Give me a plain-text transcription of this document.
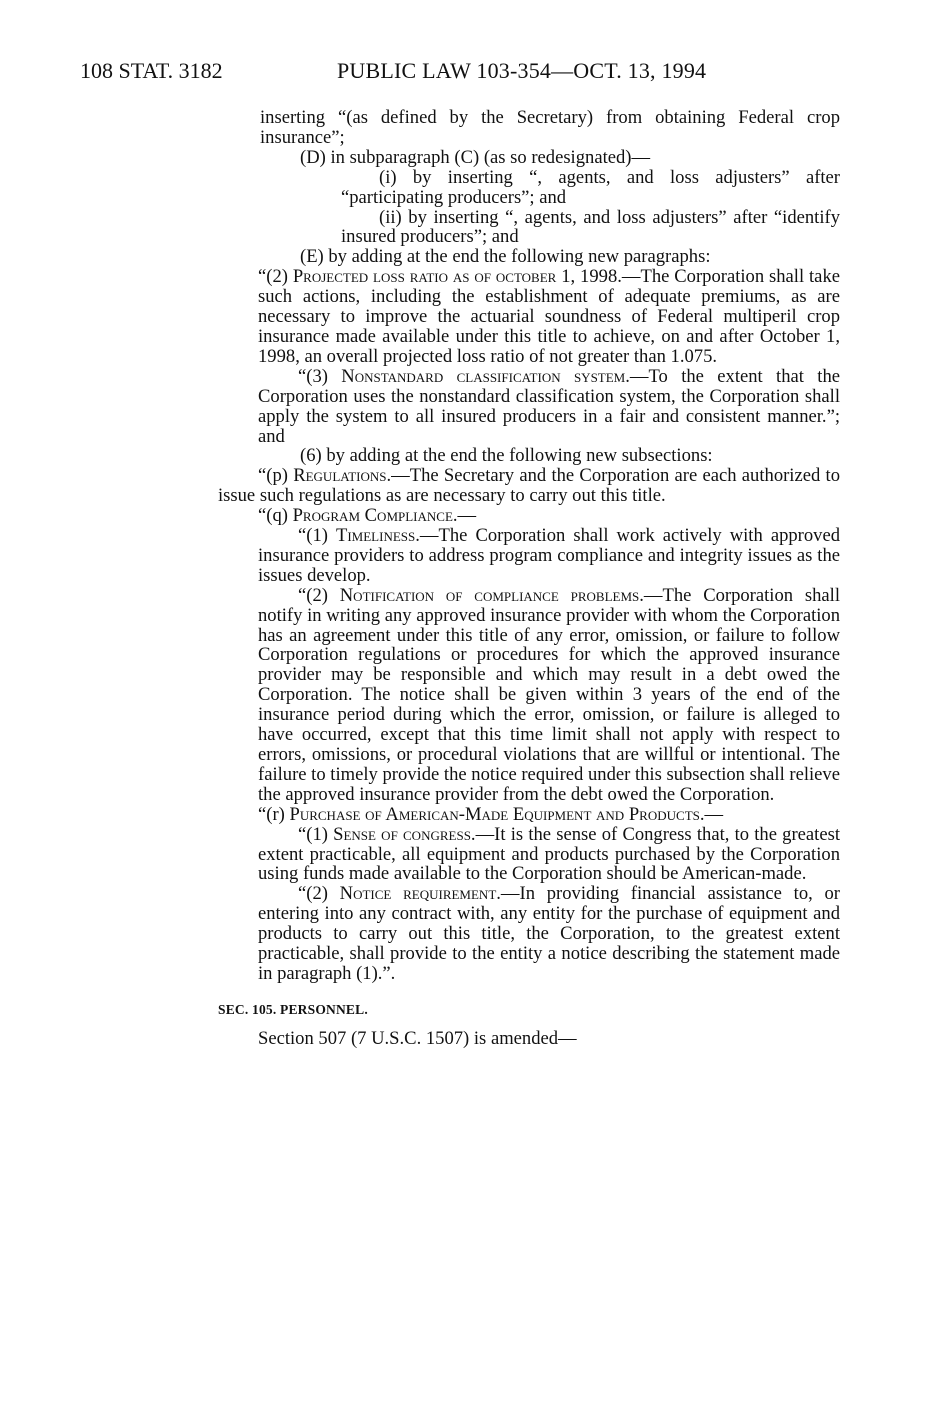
108 STAT. 3182	PUBLIC LAW 103-354—OCT. 13, 1994

inserting “(as defined by the Secretary) from obtaining Federal crop insurance”;

(D) in subparagraph (C) (as so redesignated)—

(i) by inserting “, agents, and loss adjusters” after “participating producers”; and

(ii) by inserting “, agents, and loss adjusters” after “identify insured producers”; and

(E) by adding at the end the following new paragraphs:

“(2) Projected loss ratio as of october 1, 1998.—The Corporation shall take such actions, including the establishment of adequate premiums, as are necessary to improve the actuarial soundness of Federal multiperil crop insurance made available under this title to achieve, on and after October 1, 1998, an overall projected loss ratio of not greater than 1.075.

“(3) Nonstandard classification system.—To the extent that the Corporation uses the nonstandard classification system, the Corporation shall apply the system to all insured producers in a fair and consistent manner.”; and

(6) by adding at the end the following new subsections:

“(p) Regulations.—The Secretary and the Corporation are each authorized to issue such regulations as are necessary to carry out this title.

“(q) Program Compliance.—

“(1) Timeliness.—The Corporation shall work actively with approved insurance providers to address program compliance and integrity issues as the issues develop.

“(2) Notification of compliance problems.—The Corporation shall notify in writing any approved insurance provider with whom the Corporation has an agreement under this title of any error, omission, or failure to follow Corporation regulations or procedures for which the approved insurance provider may be responsible and which may result in a debt owed the Corporation. The notice shall be given within 3 years of the end of the insurance period during which the error, omission, or failure is alleged to have occurred, except that this time limit shall not apply with respect to errors, omissions, or procedural violations that are willful or intentional. The failure to timely provide the notice required under this subsection shall relieve the approved insurance provider from the debt owed the Corporation.

“(r) Purchase of American-Made Equipment and Products.—

“(1) Sense of congress.—It is the sense of Congress that, to the greatest extent practicable, all equipment and products purchased by the Corporation using funds made available to the Corporation should be American-made.

“(2) Notice requirement.—In providing financial assistance to, or entering into any contract with, any entity for the purchase of equipment and products to carry out this title, the Corporation, to the greatest extent practicable, shall provide to the entity a notice describing the statement made in paragraph (1).”.

SEC. 105. PERSONNEL.

Section 507 (7 U.S.C. 1507) is amended—
